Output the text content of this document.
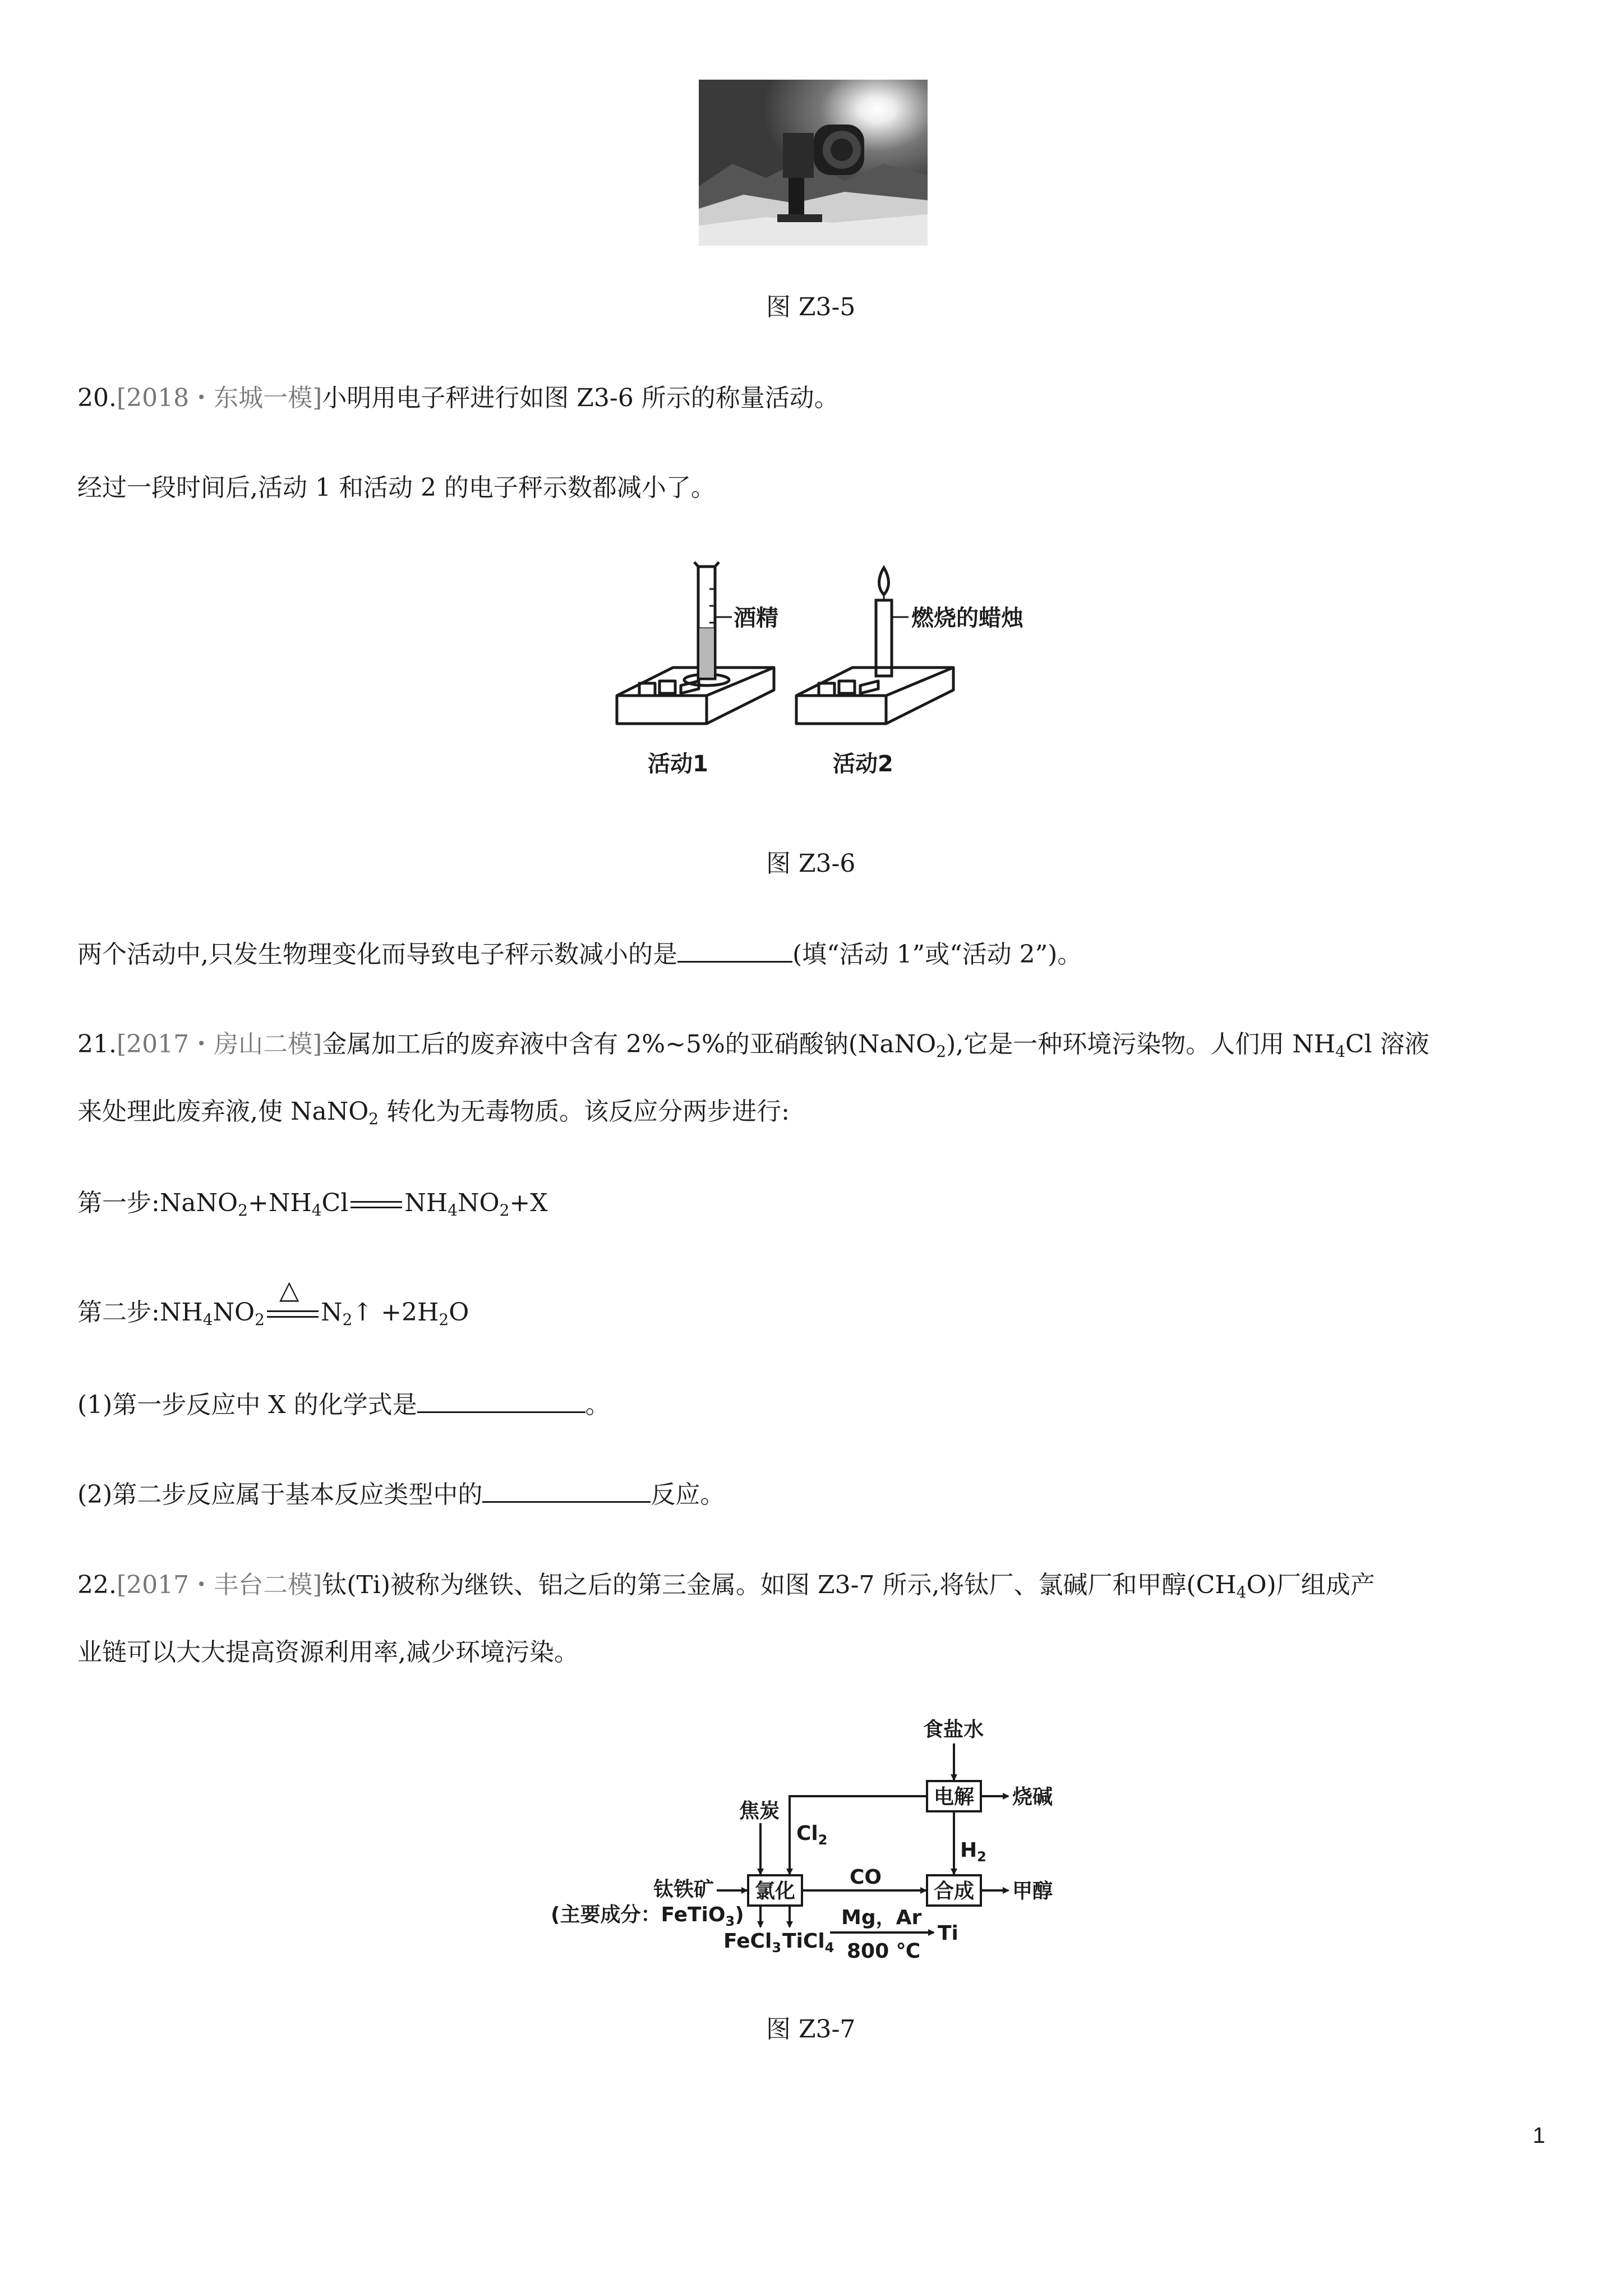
图 Z3-5
20.[2018・东城一模]小明用电子秤进行如图 Z3-6 所示的称量活动。
经过一段时间后,活动 1 和活动 2 的电子秤示数都减小了。
酒精
活动1
燃烧的蜡烛
活动2
图 Z3-6
两个活动中,只发生物理变化而导致电子秤示数减小的是	(填“活动 1”或“活动 2”)。
21.[2017・房山二模]金属加工后的废弃液中含有 2%~5%的亚硝酸钠(NaNO$_2$),它是一种环境污染物。人们用 $NH_4Cl$ 溶液
来处理此废弃液,使 NaNO$_2$ 转化为无毒物质。该反应分两步进行:
第一步$:NaNO_2+NH_4Cl$ $NH_4NO_2+X$
第二步$:NH_4NO_2$
△
$N_2↑ +2H_2O$
(1)第一步反应中 X 的化学式是	。
(2)第二步反应属于基本反应类型中的	反应。
22.[2017・丰台二模]钛(Ti)被称为继铁、铝之后的第三金属。如图 Z3-7 所示,将钛厂、氯碱厂和甲醇$(CH_4O)$厂组成产
业链可以大大提高资源利用率,减少环境污染。
食盐水
电解 烧碱
焦炭
$Cl_2$	$H_2$
钛铁矿 氯化
CO
合成 甲醇
(主要成分：FeTiO$_3$)
FeCl$_3$ TiCl$_4$
Mg，Ar
800 ℃
Ti
图 Z3-7
1
